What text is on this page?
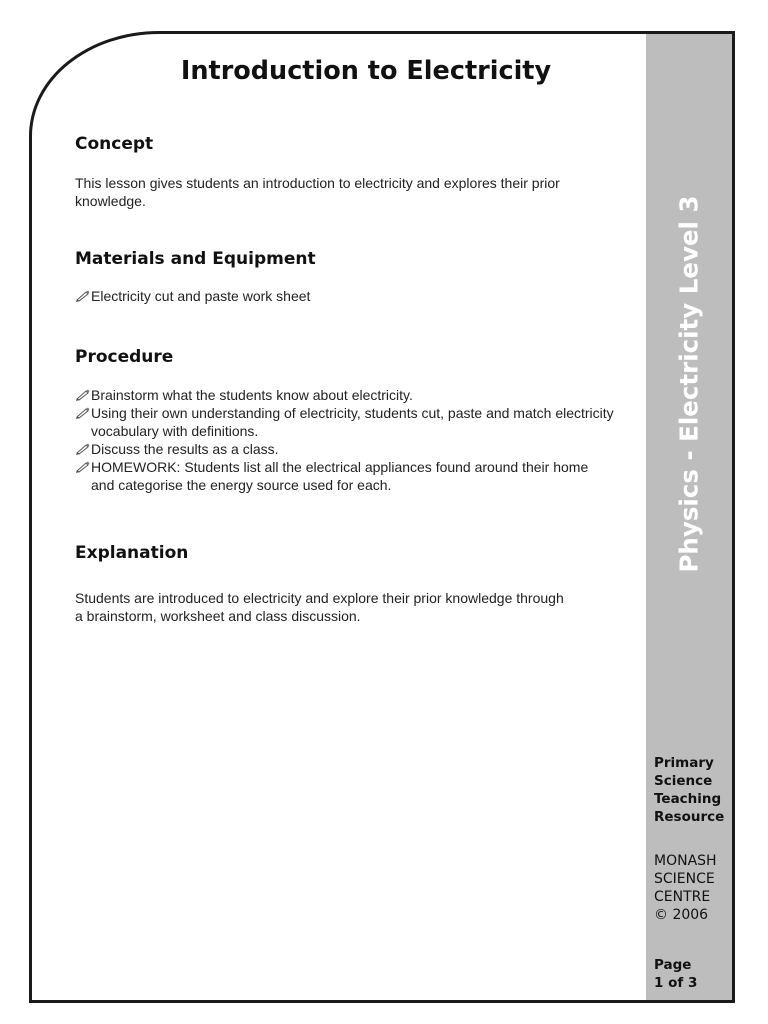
Introduction to Electricity
Concept

This lesson gives students an introduction to electricity and explores their prior knowledge.

Materials and Equipment
Electricity cut and paste work sheet
Procedure
Brainstorm what the students know about electricity.
Using their own understanding of electricity, students cut, paste and match electricity vocabulary with definitions.
Discuss the results as a class.
HOMEWORK: Students list all the electrical appliances found around their home and categorise the energy source used for each.
Explanation

Students are introduced to electricity and explore their prior knowledge through a brainstorm, worksheet and class discussion.

Physics - Electricity Level 3
Primary
Science
Teaching
Resource
MONASH
SCIENCE
CENTRE
© 2006
Page
1 of 3
